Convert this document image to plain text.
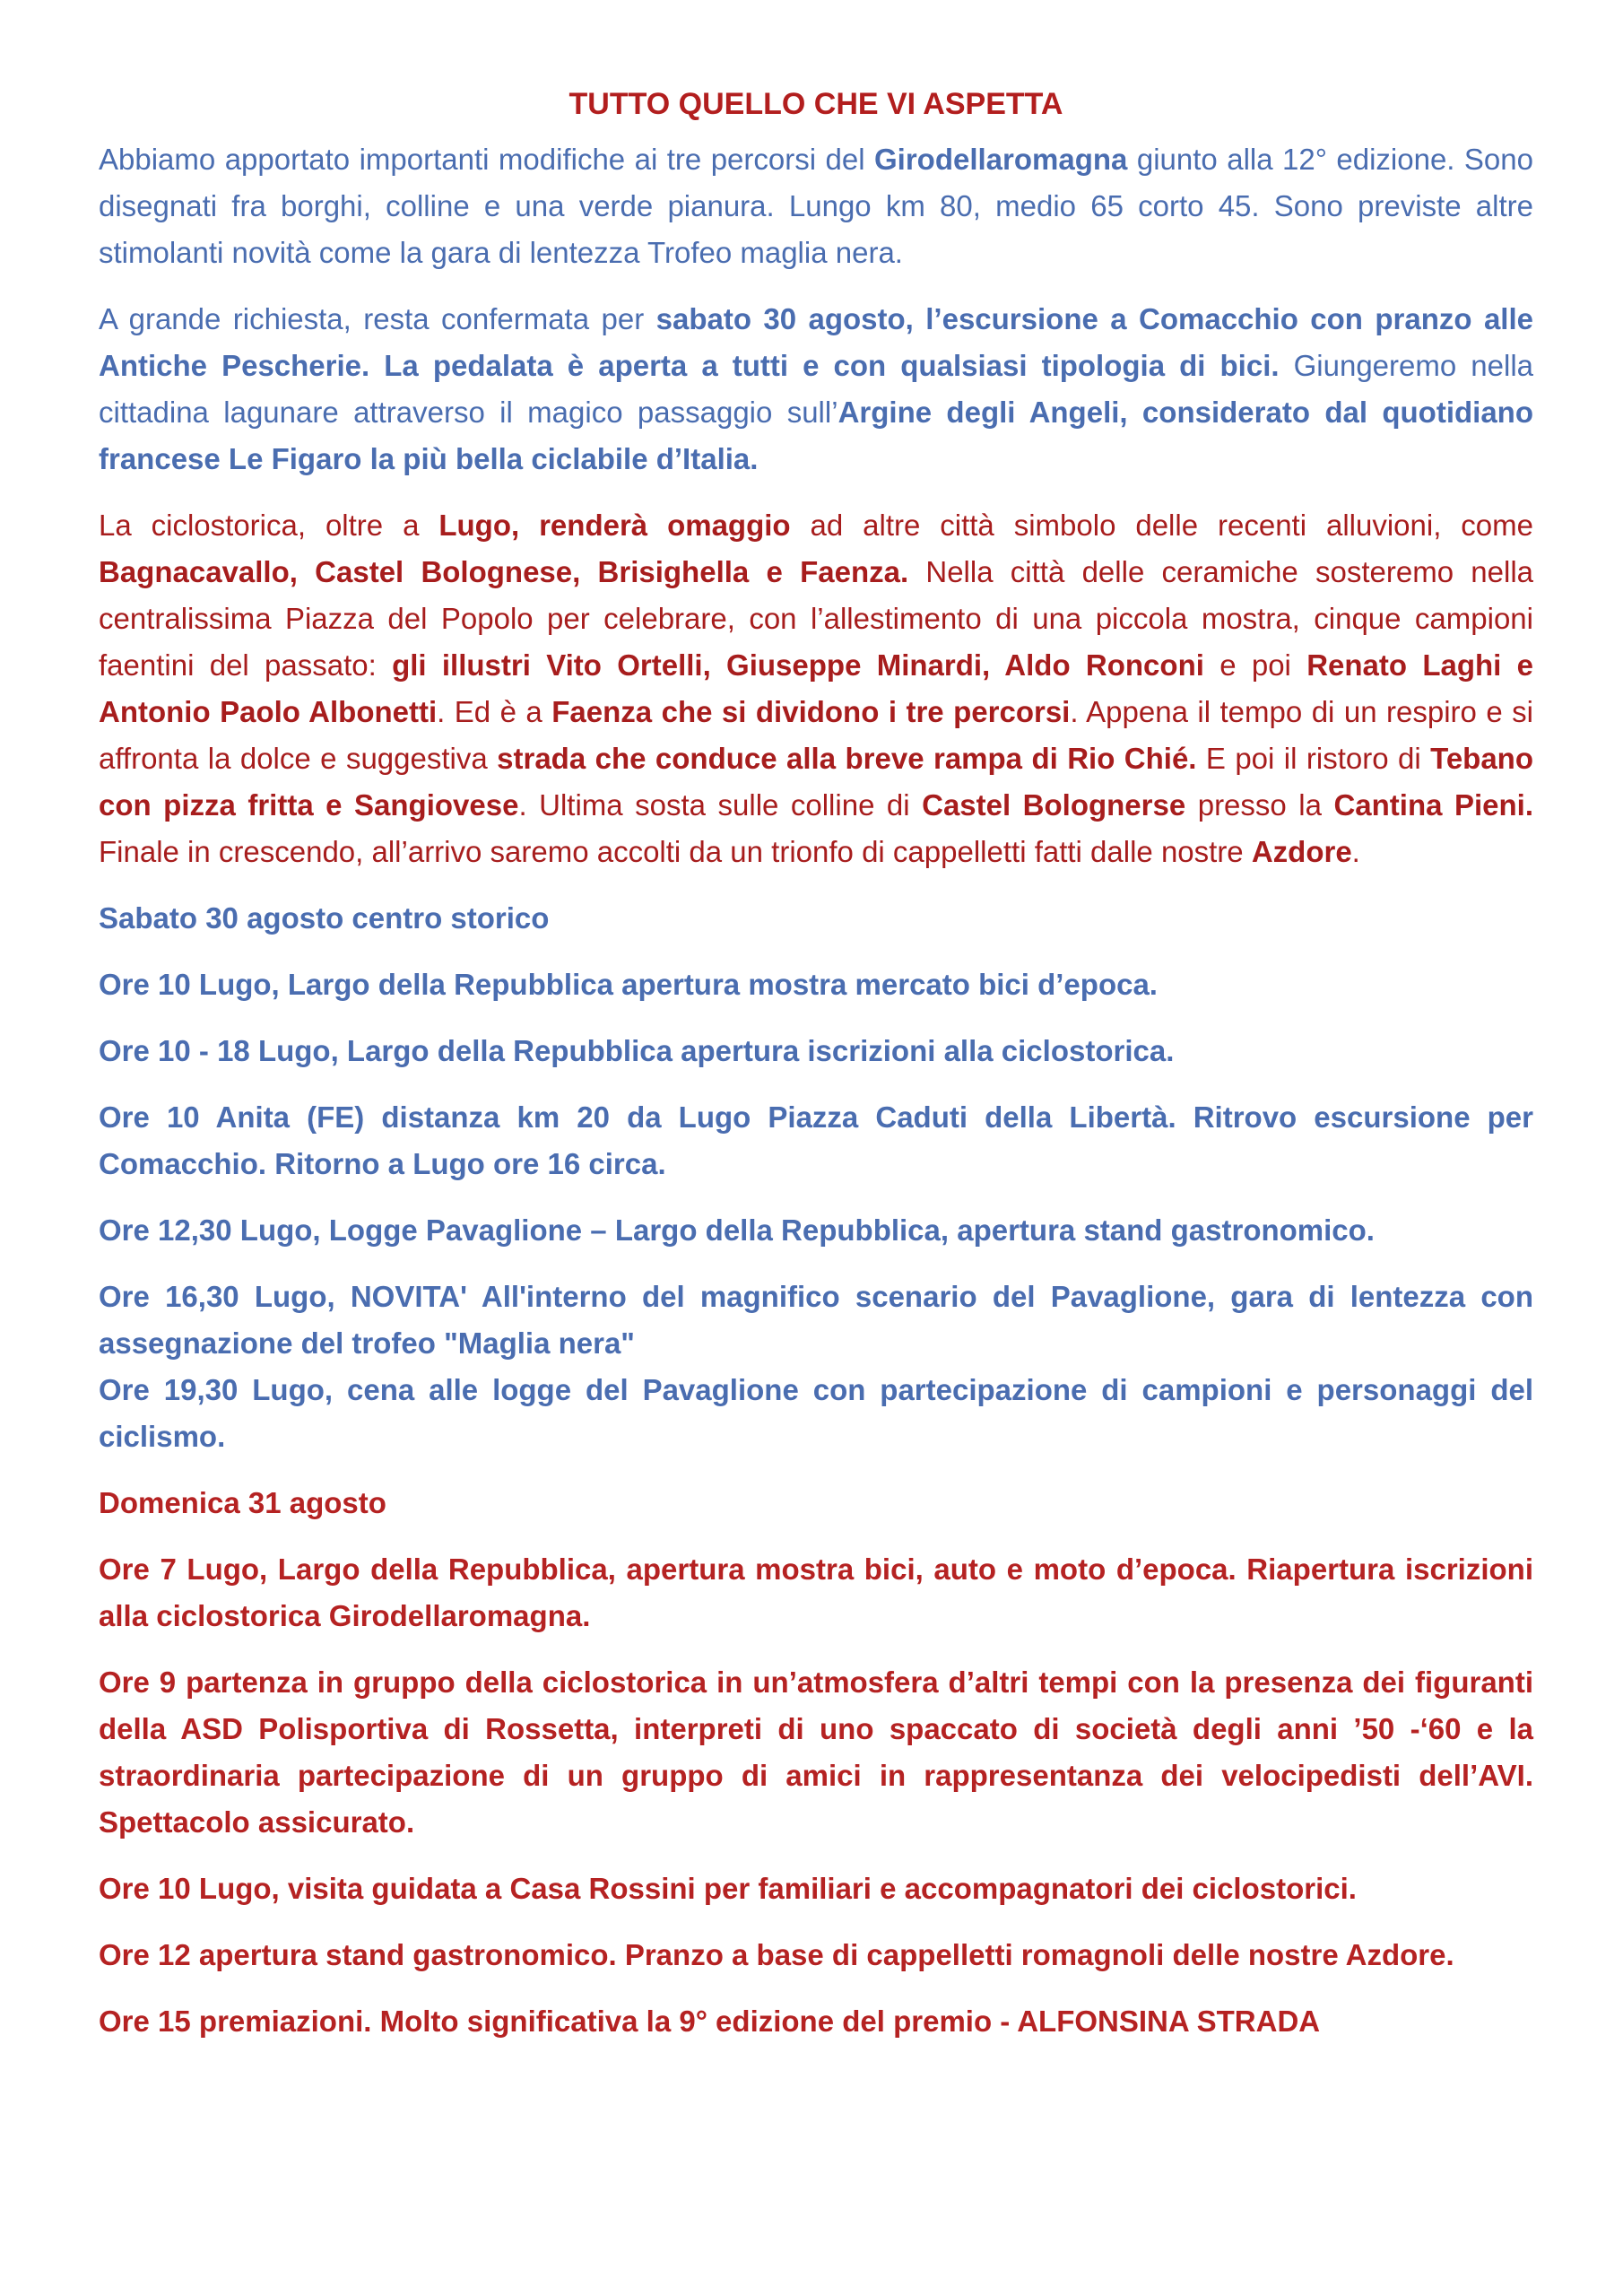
TUTTO QUELLO CHE VI ASPETTA

Abbiamo apportato importanti modifiche ai tre percorsi del Girodellaromagna giunto alla 12° edizione. Sono disegnati fra borghi, colline e una verde pianura. Lungo km 80, medio 65 corto 45. Sono previste altre stimolanti novità come la gara di lentezza Trofeo maglia nera.

A grande richiesta, resta confermata per sabato 30 agosto, l’escursione a Comacchio con pranzo alle Antiche Pescherie. La pedalata è aperta a tutti e con qualsiasi tipologia di bici. Giungeremo nella cittadina lagunare attraverso il magico passaggio sull’Argine degli Angeli, considerato dal quotidiano francese Le Figaro la più bella ciclabile d’Italia.

La ciclostorica, oltre a Lugo, renderà omaggio ad altre città simbolo delle recenti alluvioni, come Bagnacavallo, Castel Bolognese, Brisighella e Faenza. Nella città delle ceramiche sosteremo nella centralissima Piazza del Popolo per celebrare, con l’allestimento di una piccola mostra, cinque campioni faentini del passato: gli illustri Vito Ortelli, Giuseppe Minardi, Aldo Ronconi e poi Renato Laghi e Antonio Paolo Albonetti. Ed è a Faenza che si dividono i tre percorsi. Appena il tempo di un respiro e si affronta la dolce e suggestiva strada che conduce alla breve rampa di Rio Chié. E poi il ristoro di Tebano con pizza fritta e Sangiovese. Ultima sosta sulle colline di Castel Bolognerse presso la Cantina Pieni. Finale in crescendo, all’arrivo saremo accolti da un trionfo di cappelletti fatti dalle nostre Azdore.

Sabato 30 agosto centro storico

Ore 10 Lugo, Largo della Repubblica apertura mostra mercato bici d’epoca.

Ore 10 - 18 Lugo, Largo della Repubblica apertura iscrizioni alla ciclostorica.

Ore 10 Anita (FE) distanza km 20 da Lugo Piazza Caduti della Libertà. Ritrovo escursione per Comacchio. Ritorno a Lugo ore 16 circa.

Ore 12,30 Lugo, Logge Pavaglione – Largo della Repubblica, apertura stand gastronomico.

Ore 16,30 Lugo, NOVITA' All'interno del magnifico scenario del Pavaglione, gara di lentezza con assegnazione del trofeo "Maglia nera"

Ore 19,30 Lugo, cena alle logge del Pavaglione con partecipazione di campioni e personaggi del ciclismo.

Domenica 31 agosto

Ore 7 Lugo, Largo della Repubblica, apertura mostra bici, auto e moto d’epoca. Riapertura iscrizioni alla ciclostorica Girodellaromagna.

Ore 9 partenza in gruppo della ciclostorica in un’atmosfera d’altri tempi con la presenza dei figuranti della ASD Polisportiva di Rossetta, interpreti di uno spaccato di società degli anni ’50 -‘60 e la straordinaria partecipazione di un gruppo di amici in rappresentanza dei velocipedisti dell’AVI. Spettacolo assicurato.

Ore 10 Lugo, visita guidata a Casa Rossini per familiari e accompagnatori dei ciclostorici.

Ore 12 apertura stand gastronomico. Pranzo a base di cappelletti romagnoli delle nostre Azdore.

Ore 15 premiazioni. Molto significativa la 9° edizione del premio - ALFONSINA STRADA
